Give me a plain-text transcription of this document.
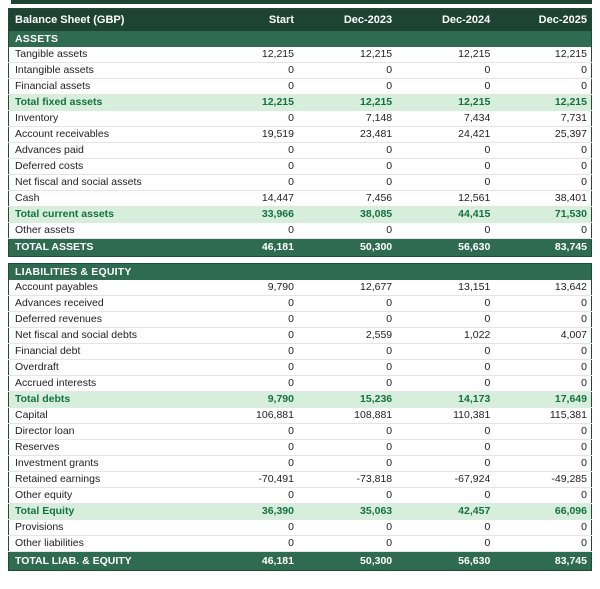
Balance Sheet (GBP)	Start	Dec-2023	Dec-2024	Dec-2025
ASSETS				
Tangible assets	12,215	12,215	12,215	12,215
Intangible assets	0	0	0	0
Financial assets	0	0	0	0
Total fixed assets	12,215	12,215	12,215	12,215
Inventory	0	7,148	7,434	7,731
Account receivables	19,519	23,481	24,421	25,397
Advances paid	0	0	0	0
Deferred costs	0	0	0	0
Net fiscal and social assets	0	0	0	0
Cash	14,447	7,456	12,561	38,401
Total current assets	33,966	38,085	44,415	71,530
Other assets	0	0	0	0
TOTAL ASSETS	46,181	50,300	56,630	83,745
LIABILITIES & EQUITY				
Account payables	9,790	12,677	13,151	13,642
Advances received	0	0	0	0
Deferred revenues	0	0	0	0
Net fiscal and social debts	0	2,559	1,022	4,007
Financial debt	0	0	0	0
Overdraft	0	0	0	0
Accrued interests	0	0	0	0
Total debts	9,790	15,236	14,173	17,649
Capital	106,881	108,881	110,381	115,381
Director loan	0	0	0	0
Reserves	0	0	0	0
Investment grants	0	0	0	0
Retained earnings	-70,491	-73,818	-67,924	-49,285
Other equity	0	0	0	0
Total Equity	36,390	35,063	42,457	66,096
Provisions	0	0	0	0
Other liabilities	0	0	0	0
TOTAL LIAB. & EQUITY	46,181	50,300	56,630	83,745
